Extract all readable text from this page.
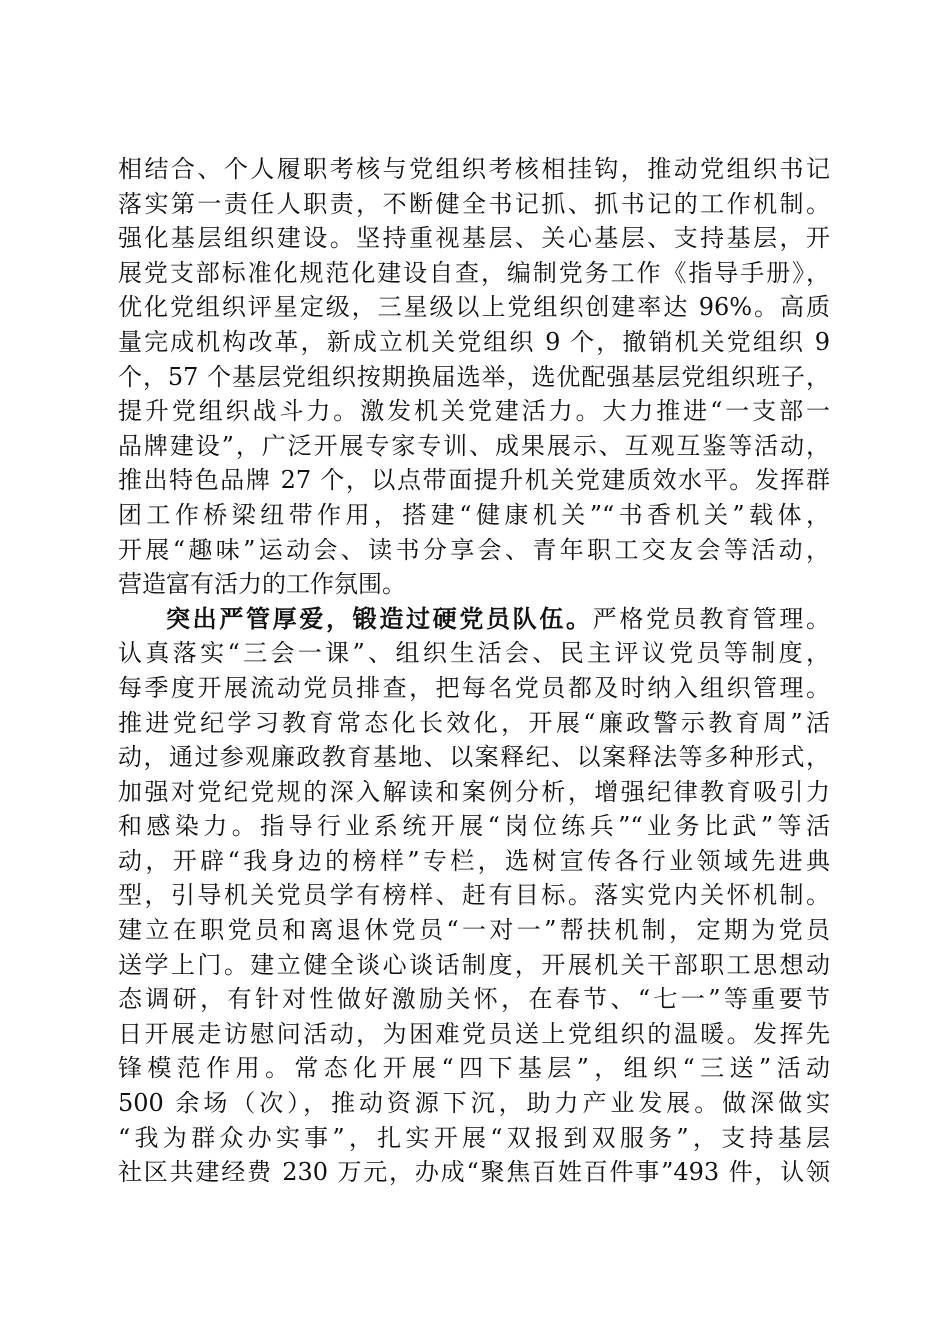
相结合、个人履职考核与党组织考核相挂钩，推动党组织书记
落实第一责任人职责，不断健全书记抓、抓书记的工作机制。
强化基层组织建设。坚持重视基层、关心基层、支持基层，开
展党支部标准化规范化建设自查，编制党务工作《指导手册》，
优化党组织评星定级，三星级以上党组织创建率达 96%。高质
量完成机构改革，新成立机关党组织 9 个，撤销机关党组织 9
个，57 个基层党组织按期换届选举，选优配强基层党组织班子，
提升党组织战斗力。激发机关党建活力。大力推进“一支部一
品牌建设”，广泛开展专家专训、成果展示、互观互鉴等活动，
推出特色品牌 27 个，以点带面提升机关党建质效水平。发挥群
团工作桥梁纽带作用，搭建“健康机关”“书香机关”载体，
开展“趣味”运动会、读书分享会、青年职工交友会等活动，
营造富有活力的工作氛围。
突出严管厚爱，锻造过硬党员队伍。严格党员教育管理。
认真落实“三会一课”、组织生活会、民主评议党员等制度，
每季度开展流动党员排查，把每名党员都及时纳入组织管理。
推进党纪学习教育常态化长效化，开展“廉政警示教育周”活
动，通过参观廉政教育基地、以案释纪、以案释法等多种形式，
加强对党纪党规的深入解读和案例分析，增强纪律教育吸引力
和感染力。指导行业系统开展“岗位练兵”“业务比武”等活
动，开辟“我身边的榜样”专栏，选树宣传各行业领域先进典
型，引导机关党员学有榜样、赶有目标。落实党内关怀机制。
建立在职党员和离退休党员“一对一”帮扶机制，定期为党员
送学上门。建立健全谈心谈话制度，开展机关干部职工思想动
态调研，有针对性做好激励关怀，在春节、“七一”等重要节
日开展走访慰问活动，为困难党员送上党组织的温暖。发挥先
锋模范作用。常态化开展“四下基层”，组织“三送”活动
500 余场（次），推动资源下沉，助力产业发展。做深做实
“我为群众办实事”，扎实开展“双报到双服务”，支持基层
社区共建经费 230 万元，办成“聚焦百姓百件事”493 件，认领
